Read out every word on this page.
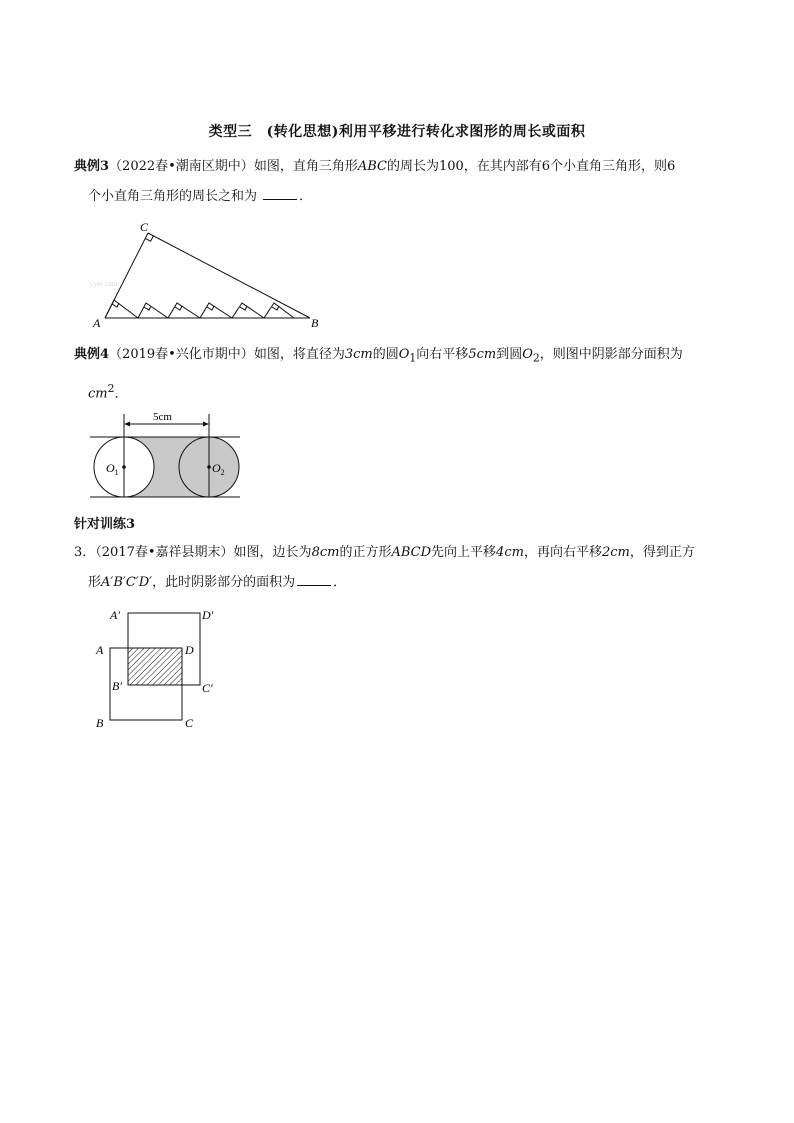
类型三　(转化思想)利用平移进行转化求图形的周长或面积
典例3（2022春•潮南区期中）如图，直角三角形ABC的周长为100，在其内部有6个小直角三角形，则6
个小直角三角形的周长之和为	．
A	B
C
j.yee.com
典例4（2019春•兴化市期中）如图，将直径为3cm的圆$O_1$向右平移5cm到圆$O_2$，则图中阴影部分面积为
$cm^2$．
5cm
$O_1$	$O_2$
针对训练3
3．（2017春•嘉祥县期末）如图，边长为8cm的正方形ABCD先向上平移4cm，再向右平移2cm，得到正方
形A′B′C′D′，此时阴影部分的面积为	．
A′	D′
A	D
B′	C′
B	C
